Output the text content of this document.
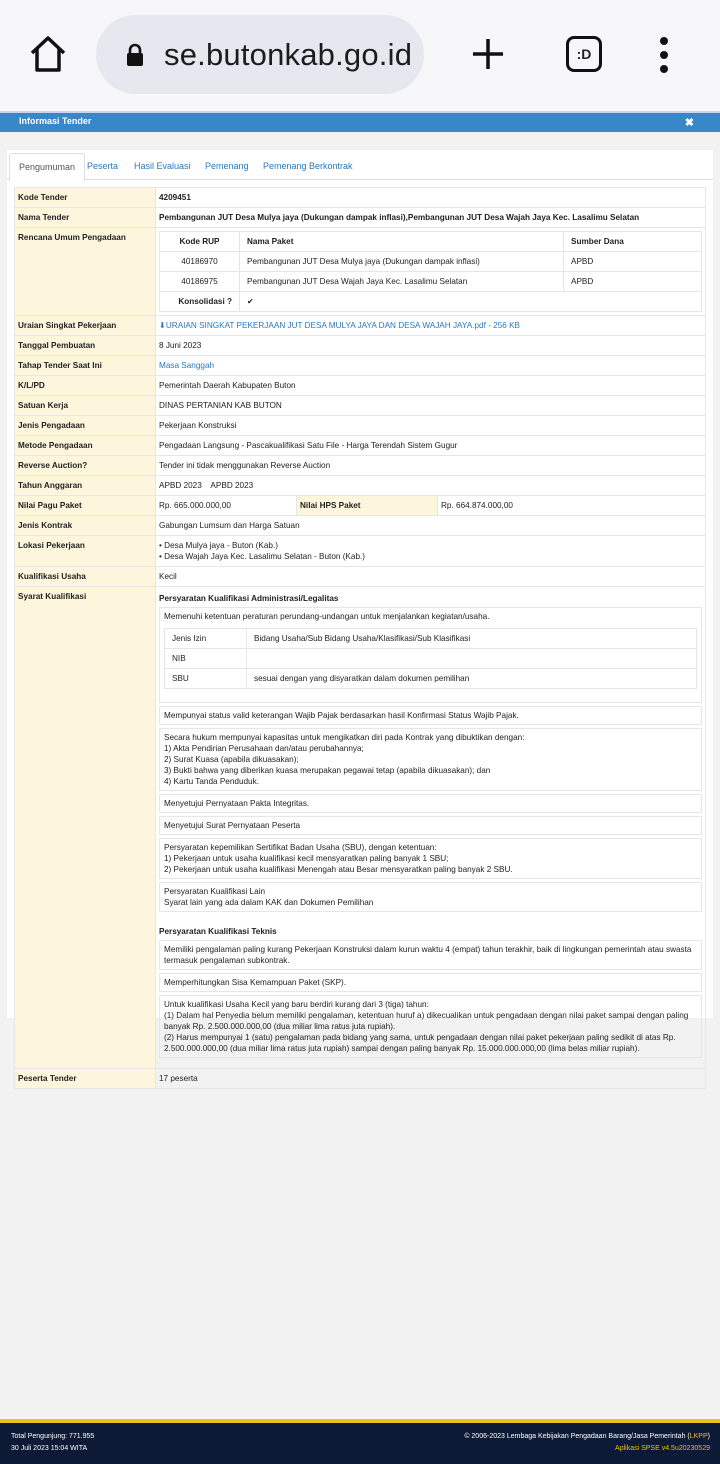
se.butonkab.go.id	:D
Informasi Tender	✖
Pengumuman	Peserta	Hasil Evaluasi	Pemenang	Pemenang Berkontrak
Kode Tender	4209451
Nama Tender	Pembangunan JUT Desa Mulya jaya (Dukungan dampak inflasi),Pembangunan JUT Desa Wajah Jaya Kec. Lasalimu Selatan
Rencana Umum Pengadaan		Kode RUP	Nama Paket	Sumber Dana
40186970	Pembangunan JUT Desa Mulya jaya (Dukungan dampak inflasi)	APBD
40186975	Pembangunan JUT Desa Wajah Jaya Kec. Lasalimu Selatan	APBD
Konsolidasi ?	✔

Uraian Singkat Pekerjaan	⬇URAIAN SINGKAT PEKERJAAN JUT DESA MULYA JAYA DAN DESA WAJAH JAYA.pdf - 256 KB
Tanggal Pembuatan	8 Juni 2023
Tahap Tender Saat Ini	Masa Sanggah
K/L/PD	Pemerintah Daerah Kabupaten Buton
Satuan Kerja	DINAS PERTANIAN KAB BUTON
Jenis Pengadaan	Pekerjaan Konstruksi
Metode Pengadaan	Pengadaan Langsung - Pascakualifikasi Satu File - Harga Terendah Sistem Gugur
Reverse Auction?	Tender ini tidak menggunakan Reverse Auction
Tahun Anggaran	APBD 2023    APBD 2023
Nilai Pagu Paket	Rp. 665.000.000,00	Nilai HPS Paket	Rp. 664.874.000,00
Jenis Kontrak	Gabungan Lumsum dan Harga Satuan
Lokasi Pekerjaan	
•Desa Mulya jaya - Buton (Kab.)
• Desa Wajah Jaya Kec. Lasalimu Selatan - Buton (Kab.)

Kualifikasi Usaha	Kecil
Syarat Kualifikasi	Persyaratan Kualifikasi Administrasi/Legalitas
Memenuhi ketentuan peraturan perundang-undangan untuk menjalankan kegiatan/usaha.
Jenis Izin	Bidang Usaha/Sub Bidang Usaha/Klasifikasi/Sub Klasifikasi
NIB	
SBU	sesuai dengan yang disyaratkan dalam dokumen pemilihan
Mempunyai status valid keterangan Wajib Pajak berdasarkan hasil Konfirmasi Status Wajib Pajak.
Secara hukum mempunyai kapasitas untuk mengikatkan diri pada Kontrak yang dibuktikan dengan:
1) Akta Pendirian Perusahaan dan/atau perubahannya;
2) Surat Kuasa (apabila dikuasakan);
3) Bukti bahwa yang diberikan kuasa merupakan pegawai tetap (apabila dikuasakan); dan
4) Kartu Tanda Penduduk.
Menyetujui Pernyataan Pakta Integritas.
Menyetujui Surat Pernyataan Peserta
Persyaratan kepemilikan Sertifikat Badan Usaha (SBU), dengan ketentuan:
1) Pekerjaan untuk usaha kualifikasi kecil mensyaratkan paling banyak 1 SBU;
2) Pekerjaan untuk usaha kualifikasi Menengah atau Besar mensyaratkan paling banyak 2 SBU.
Persyaratan Kualifikasi Lain
Syarat lain yang ada dalam KAK dan Dokumen Pemilihan
Persyaratan Kualifikasi Teknis
Memiliki pengalaman paling kurang Pekerjaan Konstruksi dalam kurun waktu 4 (empat) tahun terakhir, baik di lingkungan pemerintah atau swasta termasuk pengalaman subkontrak.
Memperhitungkan Sisa Kemampuan Paket (SKP).
Untuk kualifikasi Usaha Kecil yang baru berdiri kurang dari 3 (tiga) tahun:
(1) Dalam hal Penyedia belum memiliki pengalaman, ketentuan huruf a) dikecualikan untuk pengadaan dengan nilai paket sampai dengan paling banyak Rp. 2.500.000.000,00 (dua miliar lima ratus juta rupiah).
(2) Harus mempunyai 1 (satu) pengalaman pada bidang yang sama, untuk pengadaan dengan nilai paket pekerjaan paling sedikit di atas Rp. 2.500.000.000,00 (dua miliar lima ratus juta rupiah) sampai dengan paling banyak Rp. 15.000.000.000,00 (lima belas miliar rupiah).

Peserta Tender	17 peserta
Total Pengunjung: 771.955
30 Juli 2023 15:04 WITA
© 2006-2023 Lembaga Kebijakan Pengadaan Barang/Jasa Pemerintah (LKPP)
Aplikasi SPSE v4.5u20230529
